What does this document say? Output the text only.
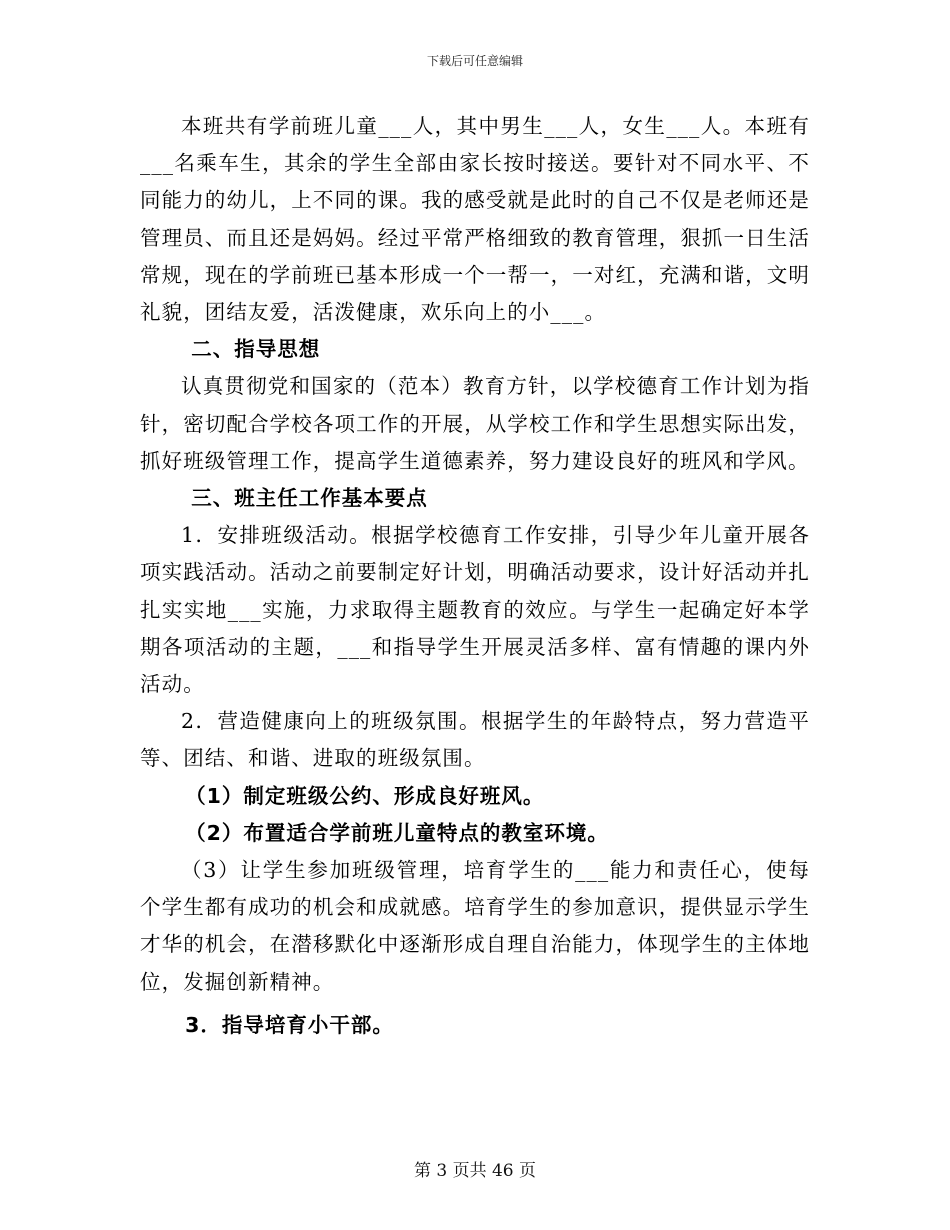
下载后可任意编辑

本班共有学前班儿童___人，其中男生___人，女生___人。本班有___名乘车生，其余的学生全部由家长按时接送。要针对不同水平、不同能力的幼儿，上不同的课。我的感受就是此时的自己不仅是老师还是管理员、而且还是妈妈。经过平常严格细致的教育管理，狠抓一日生活常规，现在的学前班已基本形成一个一帮一，一对红，充满和谐，文明礼貌，团结友爱，活泼健康，欢乐向上的小___。

二、指导思想

认真贯彻党和国家的（范本）教育方针，以学校德育工作计划为指针，密切配合学校各项工作的开展，从学校工作和学生思想实际出发，抓好班级管理工作，提高学生道德素养，努力建设良好的班风和学风。

三、班主任工作基本要点

1．安排班级活动。根据学校德育工作安排，引导少年儿童开展各项实践活动。活动之前要制定好计划，明确活动要求，设计好活动并扎扎实实地___实施，力求取得主题教育的效应。与学生一起确定好本学期各项活动的主题，___和指导学生开展灵活多样、富有情趣的课内外活动。

2．营造健康向上的班级氛围。根据学生的年龄特点，努力营造平等、团结、和谐、进取的班级氛围。

（1）制定班级公约、形成良好班风。

（2）布置适合学前班儿童特点的教室环境。

（3）让学生参加班级管理，培育学生的___能力和责任心，使每个学生都有成功的机会和成就感。培育学生的参加意识，提供显示学生才华的机会，在潜移默化中逐渐形成自理自治能力，体现学生的主体地位，发掘创新精神。

3．指导培育小干部。

第 3 页共 46 页
